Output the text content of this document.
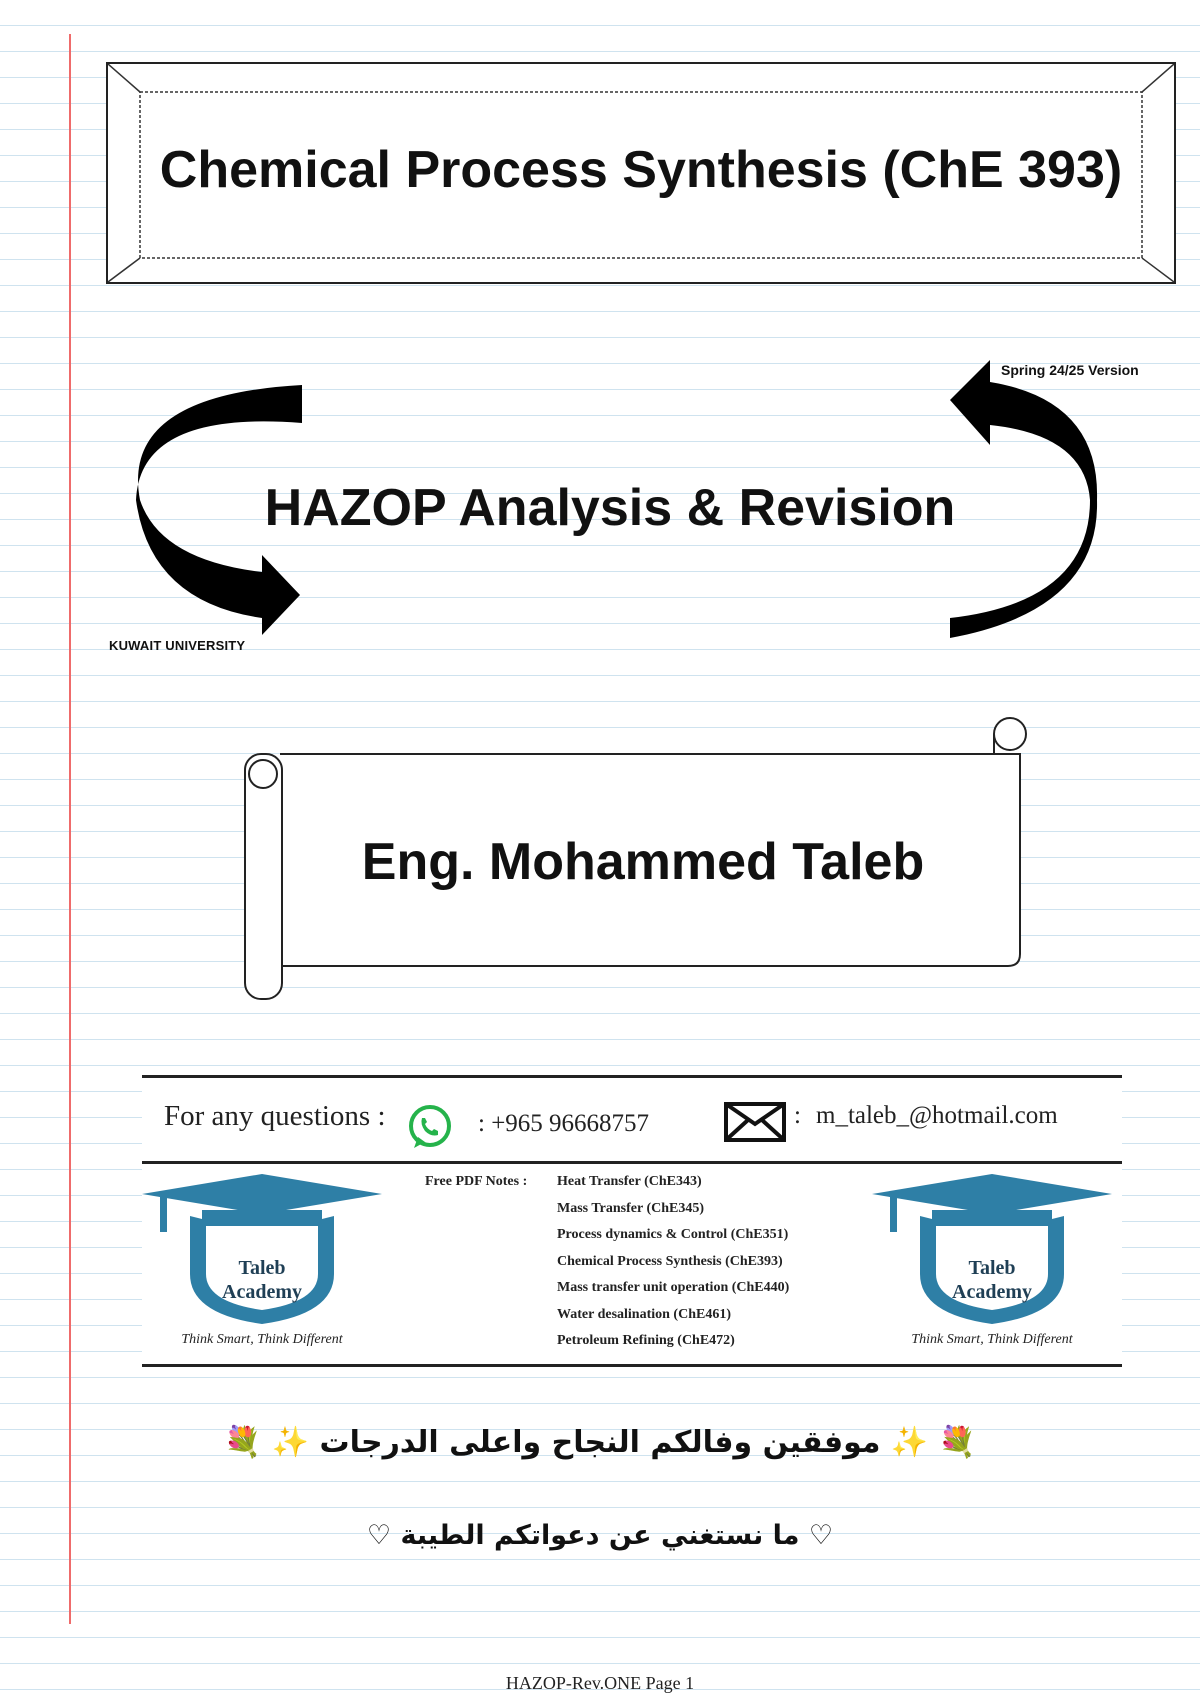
Chemical Process Synthesis (ChE 393)
HAZOP Analysis & Revision
Spring 24/25 Version
KUWAIT UNIVERSITY
Eng. Mohammed Taleb
For any questions :	: +965 96668757	: m_taleb_@hotmail.com
Taleb
Academy
Think Smart, Think Different
Free PDF Notes : Heat Transfer (ChE343)
Mass Transfer (ChE345)
Process dynamics & Control (ChE351)
Chemical Process Synthesis (ChE393)
Mass transfer unit operation (ChE440)
Water desalination (ChE461)
Petroleum Refining (ChE472)
Taleb
Academy
Think Smart, Think Different
💐 ✨ موفقين وفالكم النجاح واعلى الدرجات ✨ 💐
♡ ما نستغني عن دعواتكم الطيبة ♡
HAZOP-Rev.ONE Page 1
